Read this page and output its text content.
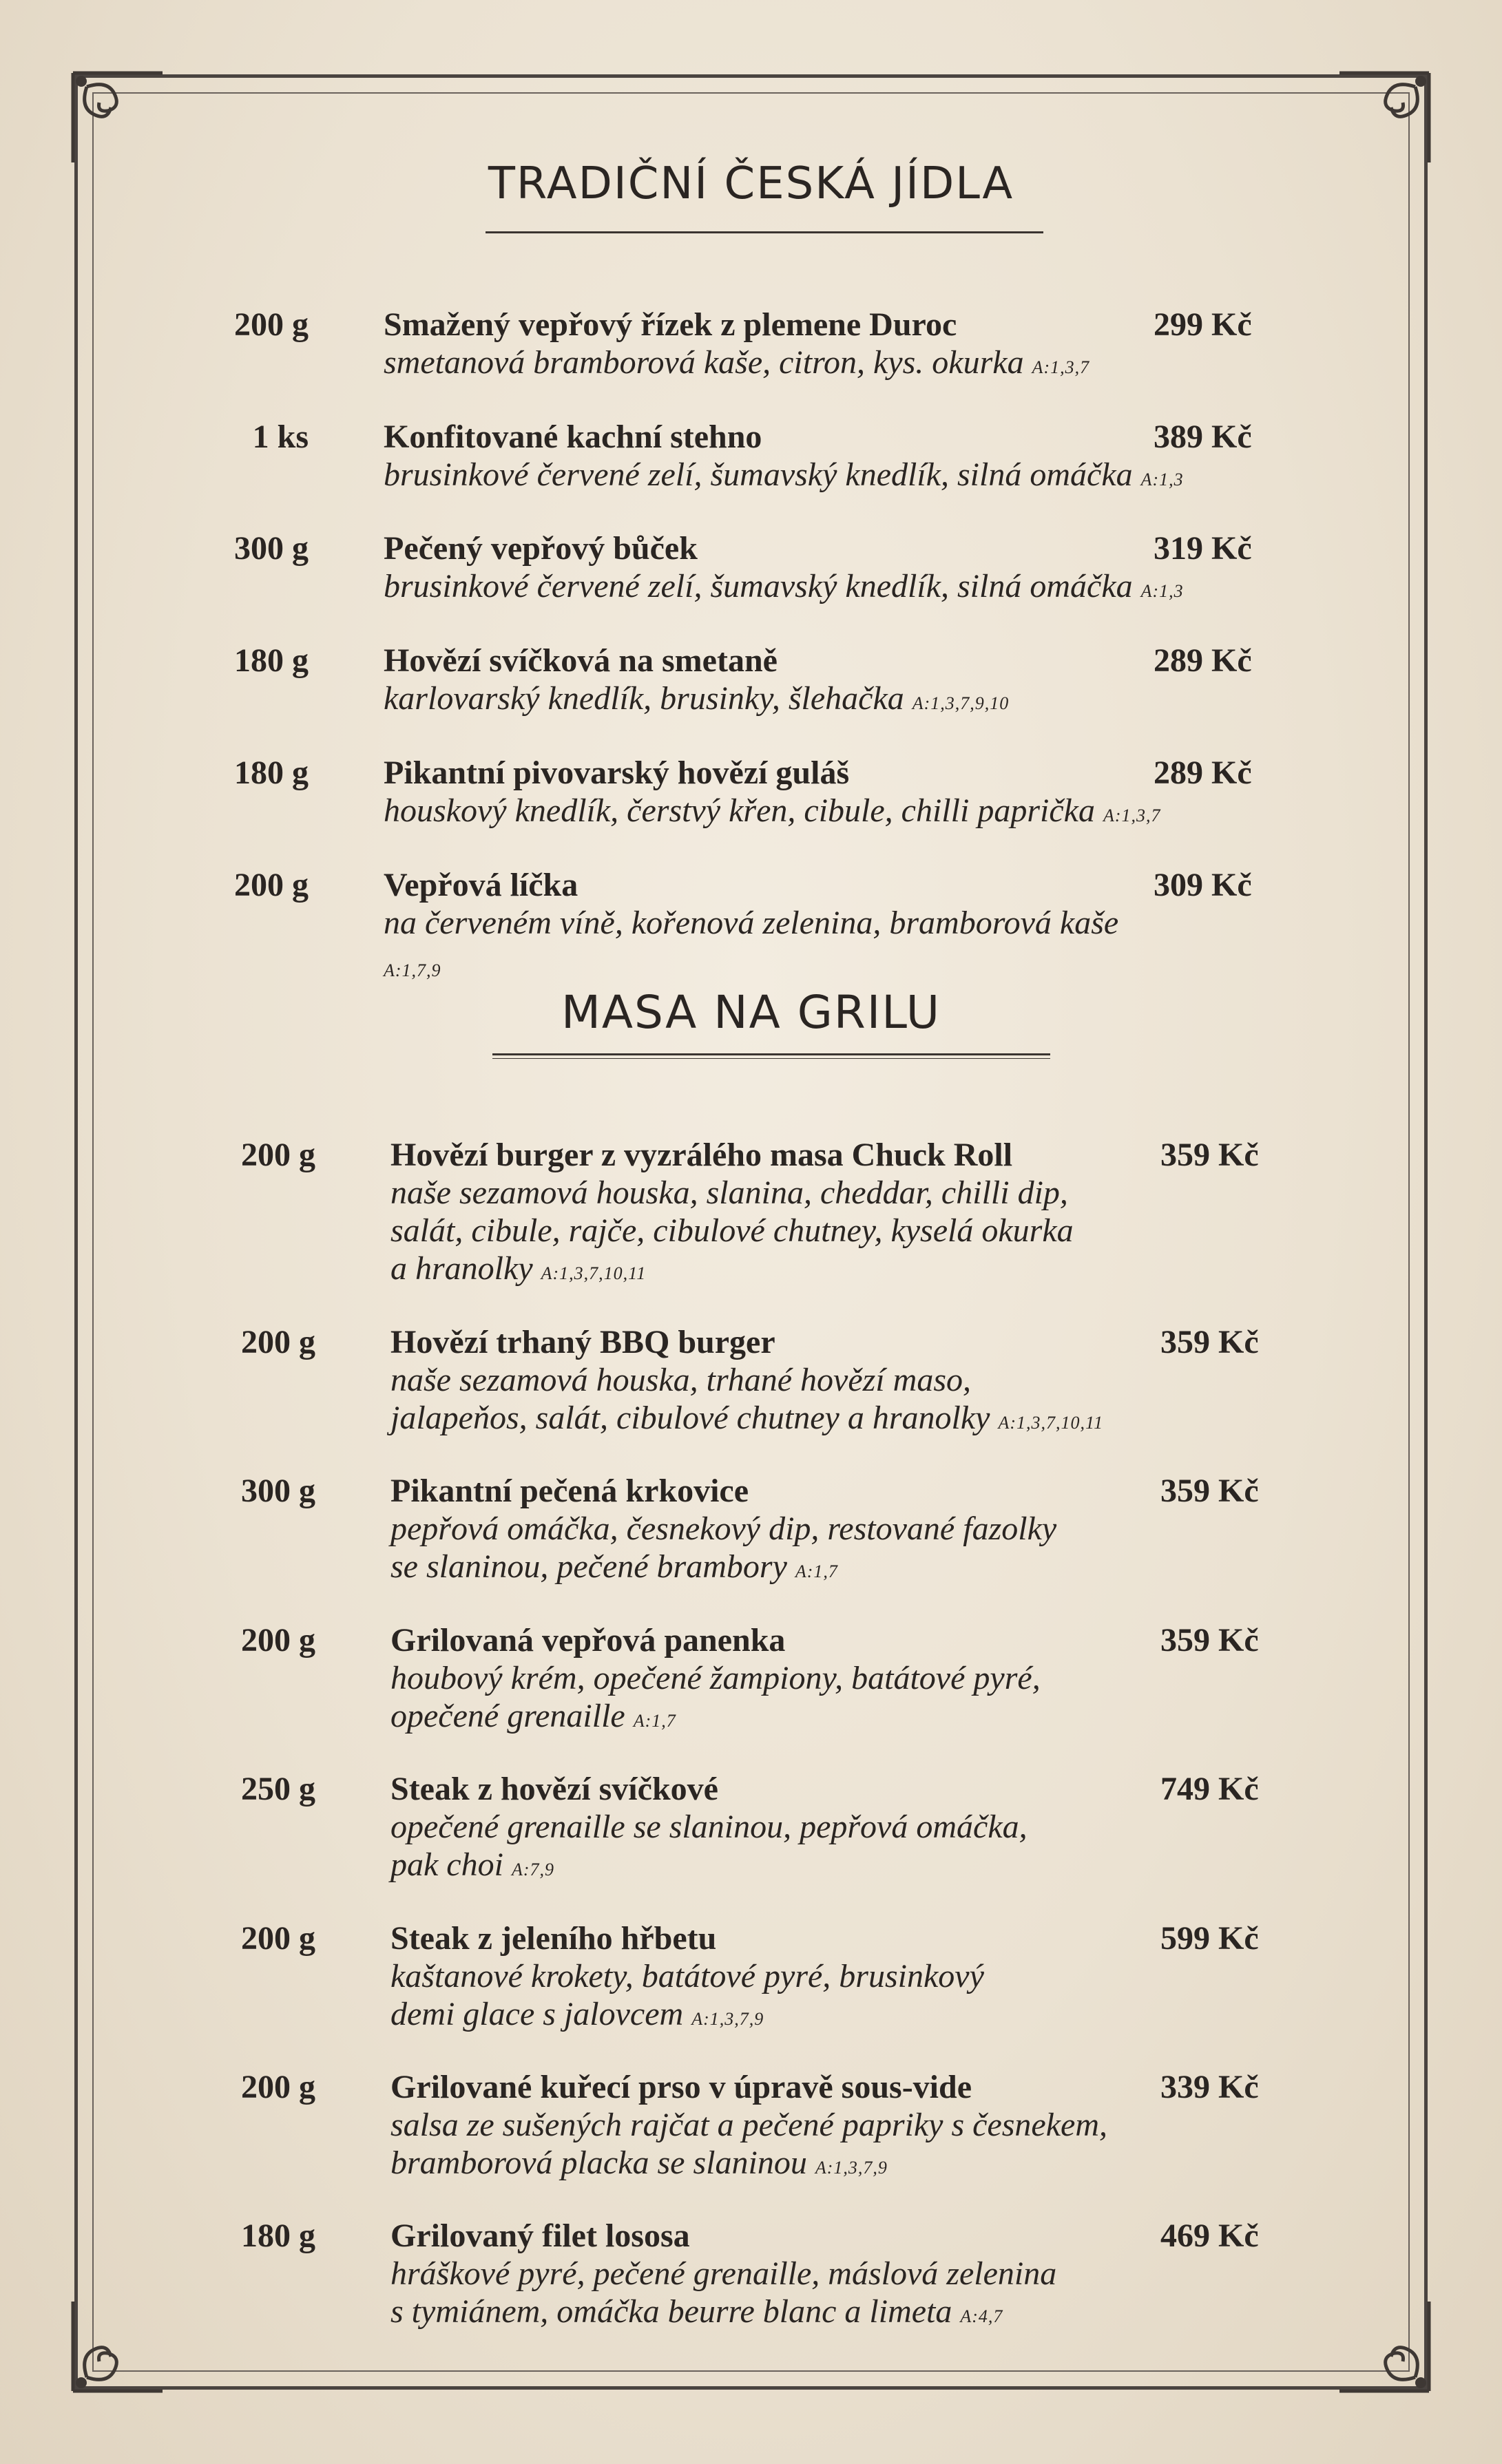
TRADIČNÍ ČESKÁ JÍDLA
200 g Smažený vepřový řízek z plemene Duroc	299 Kč
smetanová bramborová kaše, citron, kys. okurka A:1,3,7
1 ks Konfitované kachní stehno	389 Kč
brusinkové červené zelí, šumavský knedlík, silná omáčka A:1,3
300 g Pečený vepřový bůček	319 Kč
brusinkové červené zelí, šumavský knedlík, silná omáčka A:1,3
180 g Hovězí svíčková na smetaně	289 Kč
karlovarský knedlík, brusinky, šlehačka A:1,3,7,9,10
180 g Pikantní pivovarský hovězí guláš	289 Kč
houskový knedlík, čerstvý křen, cibule, chilli paprička A:1,3,7
200 g Vepřová líčka	309 Kč
na červeném víně, kořenová zelenina, bramborová kaše
A:1,7,9
MASA NA GRILU
200 g Hovězí burger z vyzrálého masa Chuck Roll	359 Kč
naše sezamová houska, slanina, cheddar, chilli dip,
salát, cibule, rajče, cibulové chutney, kyselá okurka
a hranolky A:1,3,7,10,11
200 g Hovězí trhaný BBQ burger	359 Kč
naše sezamová houska, trhané hovězí maso,
jalapeňos, salát, cibulové chutney a hranolky A:1,3,7,10,11
300 g Pikantní pečená krkovice	359 Kč
pepřová omáčka, česnekový dip, restované fazolky
se slaninou, pečené brambory A:1,7
200 g Grilovaná vepřová panenka	359 Kč
houbový krém, opečené žampiony, batátové pyré,
opečené grenaille A:1,7
250 g Steak z hovězí svíčkové	749 Kč
opečené grenaille se slaninou, pepřová omáčka,
pak choi A:7,9
200 g Steak z jeleního hřbetu	599 Kč
kaštanové krokety, batátové pyré, brusinkový
demi glace s jalovcem A:1,3,7,9
200 g Grilované kuřecí prso v úpravě sous-vide	339 Kč
salsa ze sušených rajčat a pečené papriky s česnekem,
bramborová placka se slaninou A:1,3,7,9
180 g Grilovaný filet lososa	469 Kč
hráškové pyré, pečené grenaille, máslová zelenina
s tymiánem, omáčka beurre blanc a limeta A:4,7
